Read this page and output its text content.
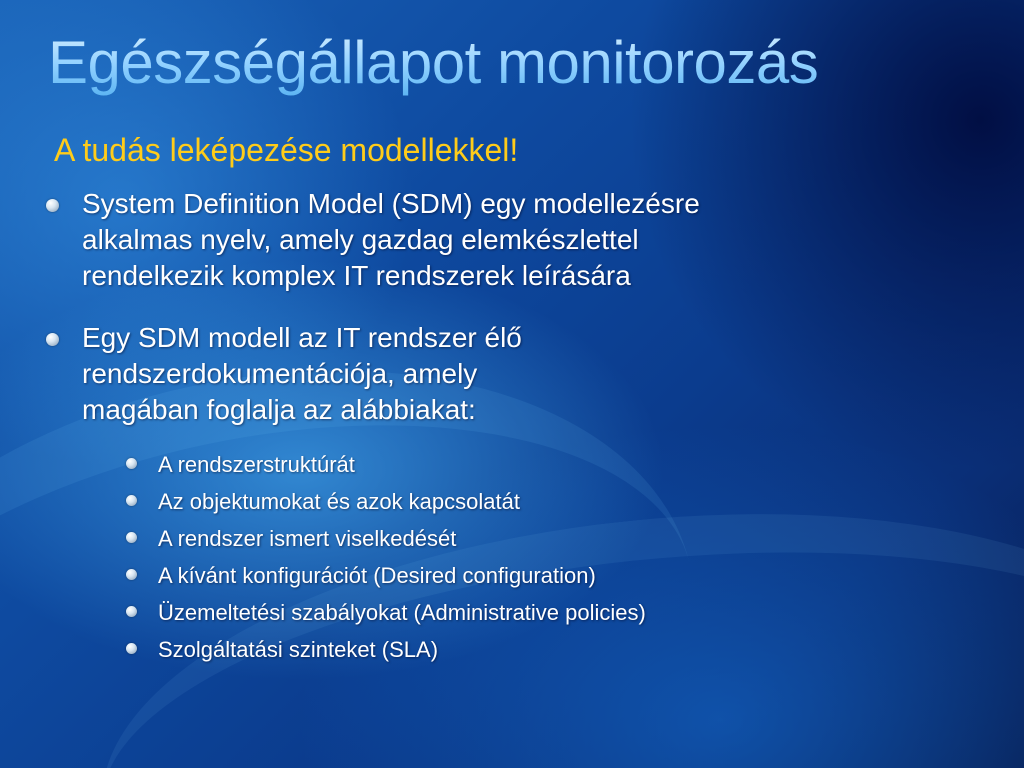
Egészségállapot monitorozás
A tudás leképezése modellekkel!
System Definition Model (SDM) egy modellezésre
alkalmas nyelv, amely gazdag elemkészlettel
rendelkezik komplex IT rendszerek leírására
Egy SDM modell az IT rendszer élő
rendszerdokumentációja, amely
magában foglalja az alábbiakat:
A rendszerstruktúrát
Az objektumokat és azok kapcsolatát
A rendszer ismert viselkedését
A kívánt konfigurációt (Desired configuration)
Üzemeltetési szabályokat (Administrative policies)
Szolgáltatási szinteket (SLA)
